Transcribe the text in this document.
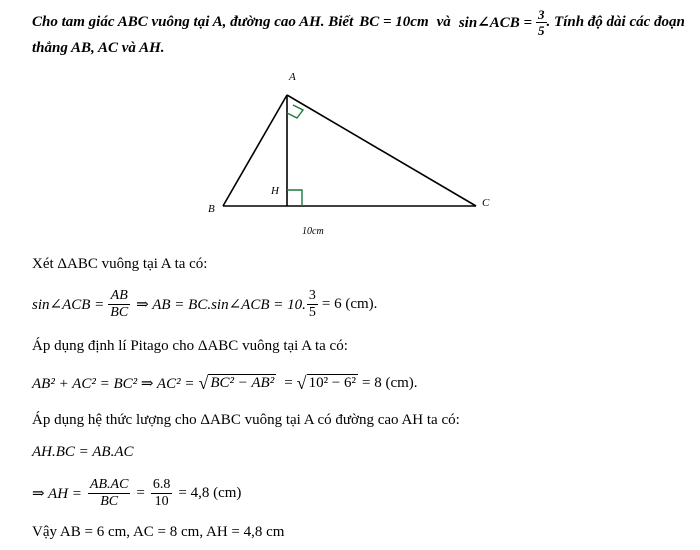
Cho tam giác ABC vuông tại A, đường cao AH. Biết BC = 10cm và sin∠ACB = $\frac{3}{5}$ . Tính độ dài các đoạn
thẳng AB, AC và AH.
A
B	C
H
10cm
Xét ΔABC vuông tại A ta có:
sin∠ACB = $\frac{AB}{BC}$ ⇒ AB = BC.sin∠ACB = 10. $\frac{3}{5} = 6$ (cm).
Áp dụng định lí Pitago cho ΔABC vuông tại A ta có:
AB² + AC² = BC² ⇒ AC² = √ BC² − AB² = √ 10² − 6² = 8 (cm).
Áp dụng hệ thức lượng cho ΔABC vuông tại A có đường cao AH ta có:
AH.BC = AB.AC
⇒ AH = $\frac{AB.AC}{BC} = \frac{6.8}{10} = 4,8$ (cm)
Vậy AB = 6 cm, AC = 8 cm, AH = 4,8 cm
